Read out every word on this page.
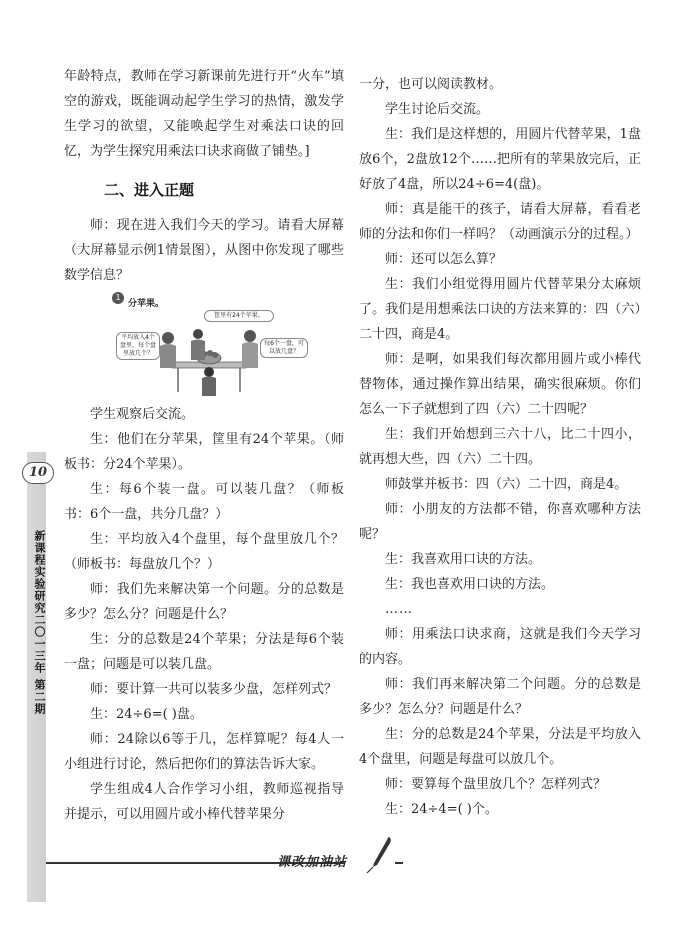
10
新课程实验研究
二〇一三年 第二期

年龄特点，教师在学习新课前先进行开“火车”填空的游戏，既能调动起学生学习的热情，激发学生学习的欲望，又能唤起学生对乘法口诀的回忆，为学生探究用乘法口诀求商做了铺垫。]

二、进入正题

师：现在进入我们今天的学习。请看大屏幕（大屏幕显示例1情景图），从图中你发现了哪些数学信息？

1
分苹果。
筐里有24个苹果。
平均放入4个盘里，每个盘里放几个？
每6个一盘，可以放几盘？

学生观察后交流。

生：他们在分苹果，筐里有24个苹果。（师板书：分24个苹果）。

生：每6个装一盘。可以装几盘？（师板书：6个一盘，共分几盘？）

生：平均放入4个盘里，每个盘里放几个？（师板书：每盘放几个？）

师：我们先来解决第一个问题。分的总数是多少？怎么分？问题是什么？

生：分的总数是24个苹果；分法是每6个装一盘；问题是可以装几盘。

师：要计算一共可以装多少盘，怎样列式？

生：24÷6=( )盘。

师：24除以6等于几，怎样算呢？每4人一小组进行讨论，然后把你们的算法告诉大家。

学生组成4人合作学习小组，教师巡视指导并提示，可以用圆片或小棒代替苹果分

一分，也可以阅读教材。

学生讨论后交流。

生：我们是这样想的，用圆片代替苹果，1盘放6个，2盘放12个……把所有的苹果放完后，正好放了4盘，所以24÷6=4(盘)。

师：真是能干的孩子，请看大屏幕，看看老师的分法和你们一样吗？（动画演示分的过程。）

师：还可以怎么算？

生：我们小组觉得用圆片代替苹果分太麻烦了。我们是用想乘法口诀的方法来算的：四（六）二十四，商是4。

师：是啊，如果我们每次都用圆片或小棒代替物体，通过操作算出结果，确实很麻烦。你们怎么一下子就想到了四（六）二十四呢？

生：我们开始想到三六十八，比二十四小，就再想大些，四（六）二十四。

师鼓掌并板书：四（六）二十四，商是4。

师：小朋友的方法都不错，你喜欢哪种方法呢？

生：我喜欢用口诀的方法。

生：我也喜欢用口诀的方法。

……

师：用乘法口诀求商，这就是我们今天学习的内容。

师：我们再来解决第二个问题。分的总数是多少？怎么分？问题是什么？

生：分的总数是24个苹果，分法是平均放入4个盘里，问题是每盘可以放几个。

师：要算每个盘里放几个？怎样列式？

生：24÷4=( )个。

课改加油站
